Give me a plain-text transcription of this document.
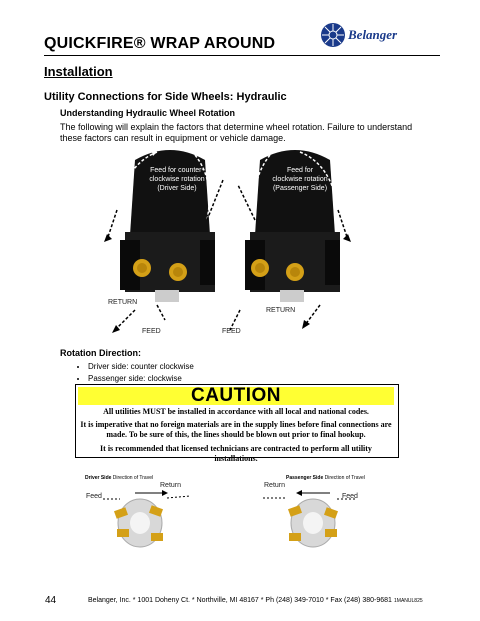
QUICKFIRE® WRAP AROUND
Belanger
Installation
Utility Connections for Side Wheels: Hydraulic
Understanding Hydraulic Wheel Rotation
The following will explain the factors that determine wheel rotation. Failure to understand these factors can result in equipment or vehicle damage.
Feed for counter-
clockwise rotation
(Driver Side)
RETURN
FEED
Feed for
clockwise rotation
(Passenger Side)
FEED
RETURN
Rotation Direction:
• Driver side: counter clockwise
• Passenger side: clockwise
CAUTION
All utilities MUST be installed in accordance with all local and national codes.
It is imperative that no foreign materials are in the supply lines before final connections are made. To be sure of this, the lines should be blown out prior to final hookup.
It is recommended that licensed technicians are contracted to perform all utility installations.
Driver Side Direction of Travel
Return
Feed
Passenger Side Direction of Travel
Return
Feed
44	Belanger, Inc. * 1001 Doheny Ct. * Northville, MI 48167 * Ph (248) 349-7010 * Fax (248) 380-9681 1MANUL825
